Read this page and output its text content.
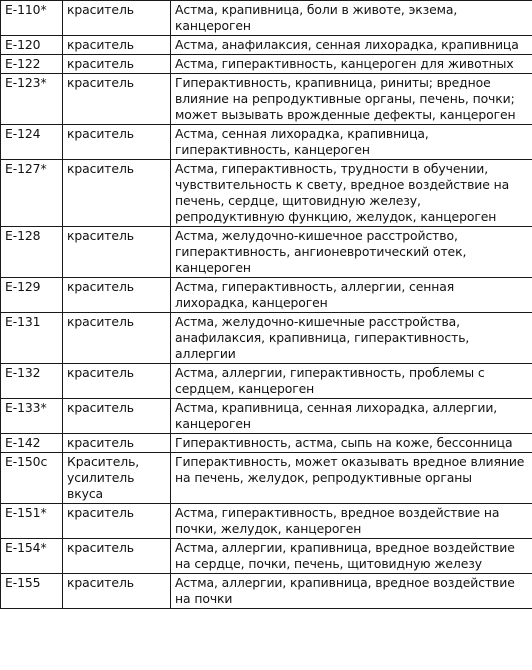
E-110*	краситель	Астма, крапивница, боли в животе, экзема, канцероген
E-120	краситель	Астма, анафилаксия, сенная лихорадка, крапивница
E-122	краситель	Астма, гиперактивность, канцероген для животных
E-123*	краситель	Гиперактивность, крапивница, риниты; вредное влияние на репродуктивные органы, печень, почки; может вызывать врожденные дефекты, канцероген
E-124	краситель	Астма, сенная лихорадка, крапивница, гиперактивность, канцероген
E-127*	краситель	Астма, гиперактивность, трудности в обучении, чувствительность к свету, вредное воздействие на печень, сердце, щитовидную железу, репродуктивную функцию, желудок, канцероген
E-128	краситель	Астма, желудочно-кишечное расстройство, гиперактивность, ангионевротический отек, канцероген
E-129	краситель	Астма, гиперактивность, аллергии, сенная лихорадка, канцероген
E-131	краситель	Астма, желудочно-кишечные расстройства, анафилаксия, крапивница, гиперактивность, аллергии
E-132	краситель	Астма, аллергии, гиперактивность, проблемы с сердцем, канцероген
E-133*	краситель	Астма, крапивница, сенная лихорадка, аллергии, канцероген
E-142	краситель	Гиперактивность, астма, сыпь на коже, бессонница
E-150c	Краситель, усилитель вкуса	Гиперактивность, может оказывать вредное влияние на печень, желудок, репродуктивные органы
E-151*	краситель	Астма, гиперактивность, вредное воздействие на почки, желудок, канцероген
E-154*	краситель	Астма, аллергии, крапивница, вредное воздействие на сердце, почки, печень, щитовидную железу
E-155	краситель	Астма, аллергии, крапивница, вредное воздействие на почки
